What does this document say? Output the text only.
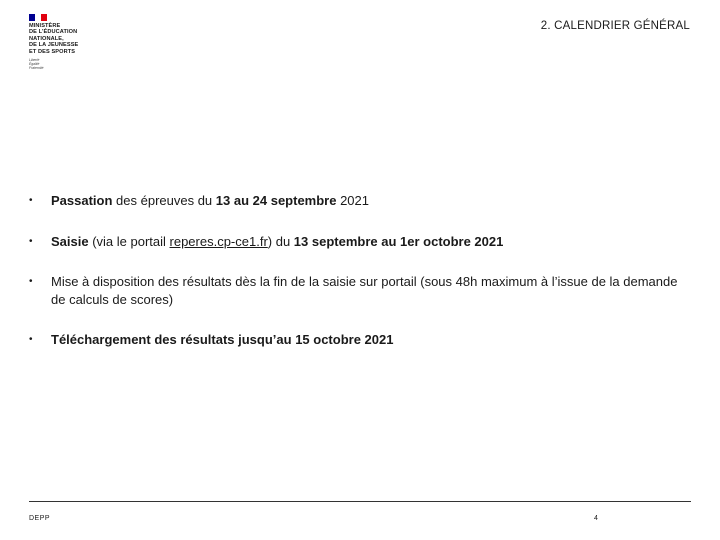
MINISTÈRE
DE L’ÉDUCATION
NATIONALE,
DE LA JEUNESSE
ET DES SPORTS
Liberté
Égalité
Fraternité
2. CALENDRIER GÉNÉRAL
•	Passation des épreuves du 13 au 24 septembre 2021
•	Saisie (via le portail reperes.cp-ce1.fr) du 13 septembre au 1er octobre 2021
•	Mise à disposition des résultats dès la fin de la saisie sur portail (sous 48h maximum à l’issue de la demande de calculs de scores)
•	Téléchargement des résultats jusqu’au 15 octobre 2021
DEPP	4
